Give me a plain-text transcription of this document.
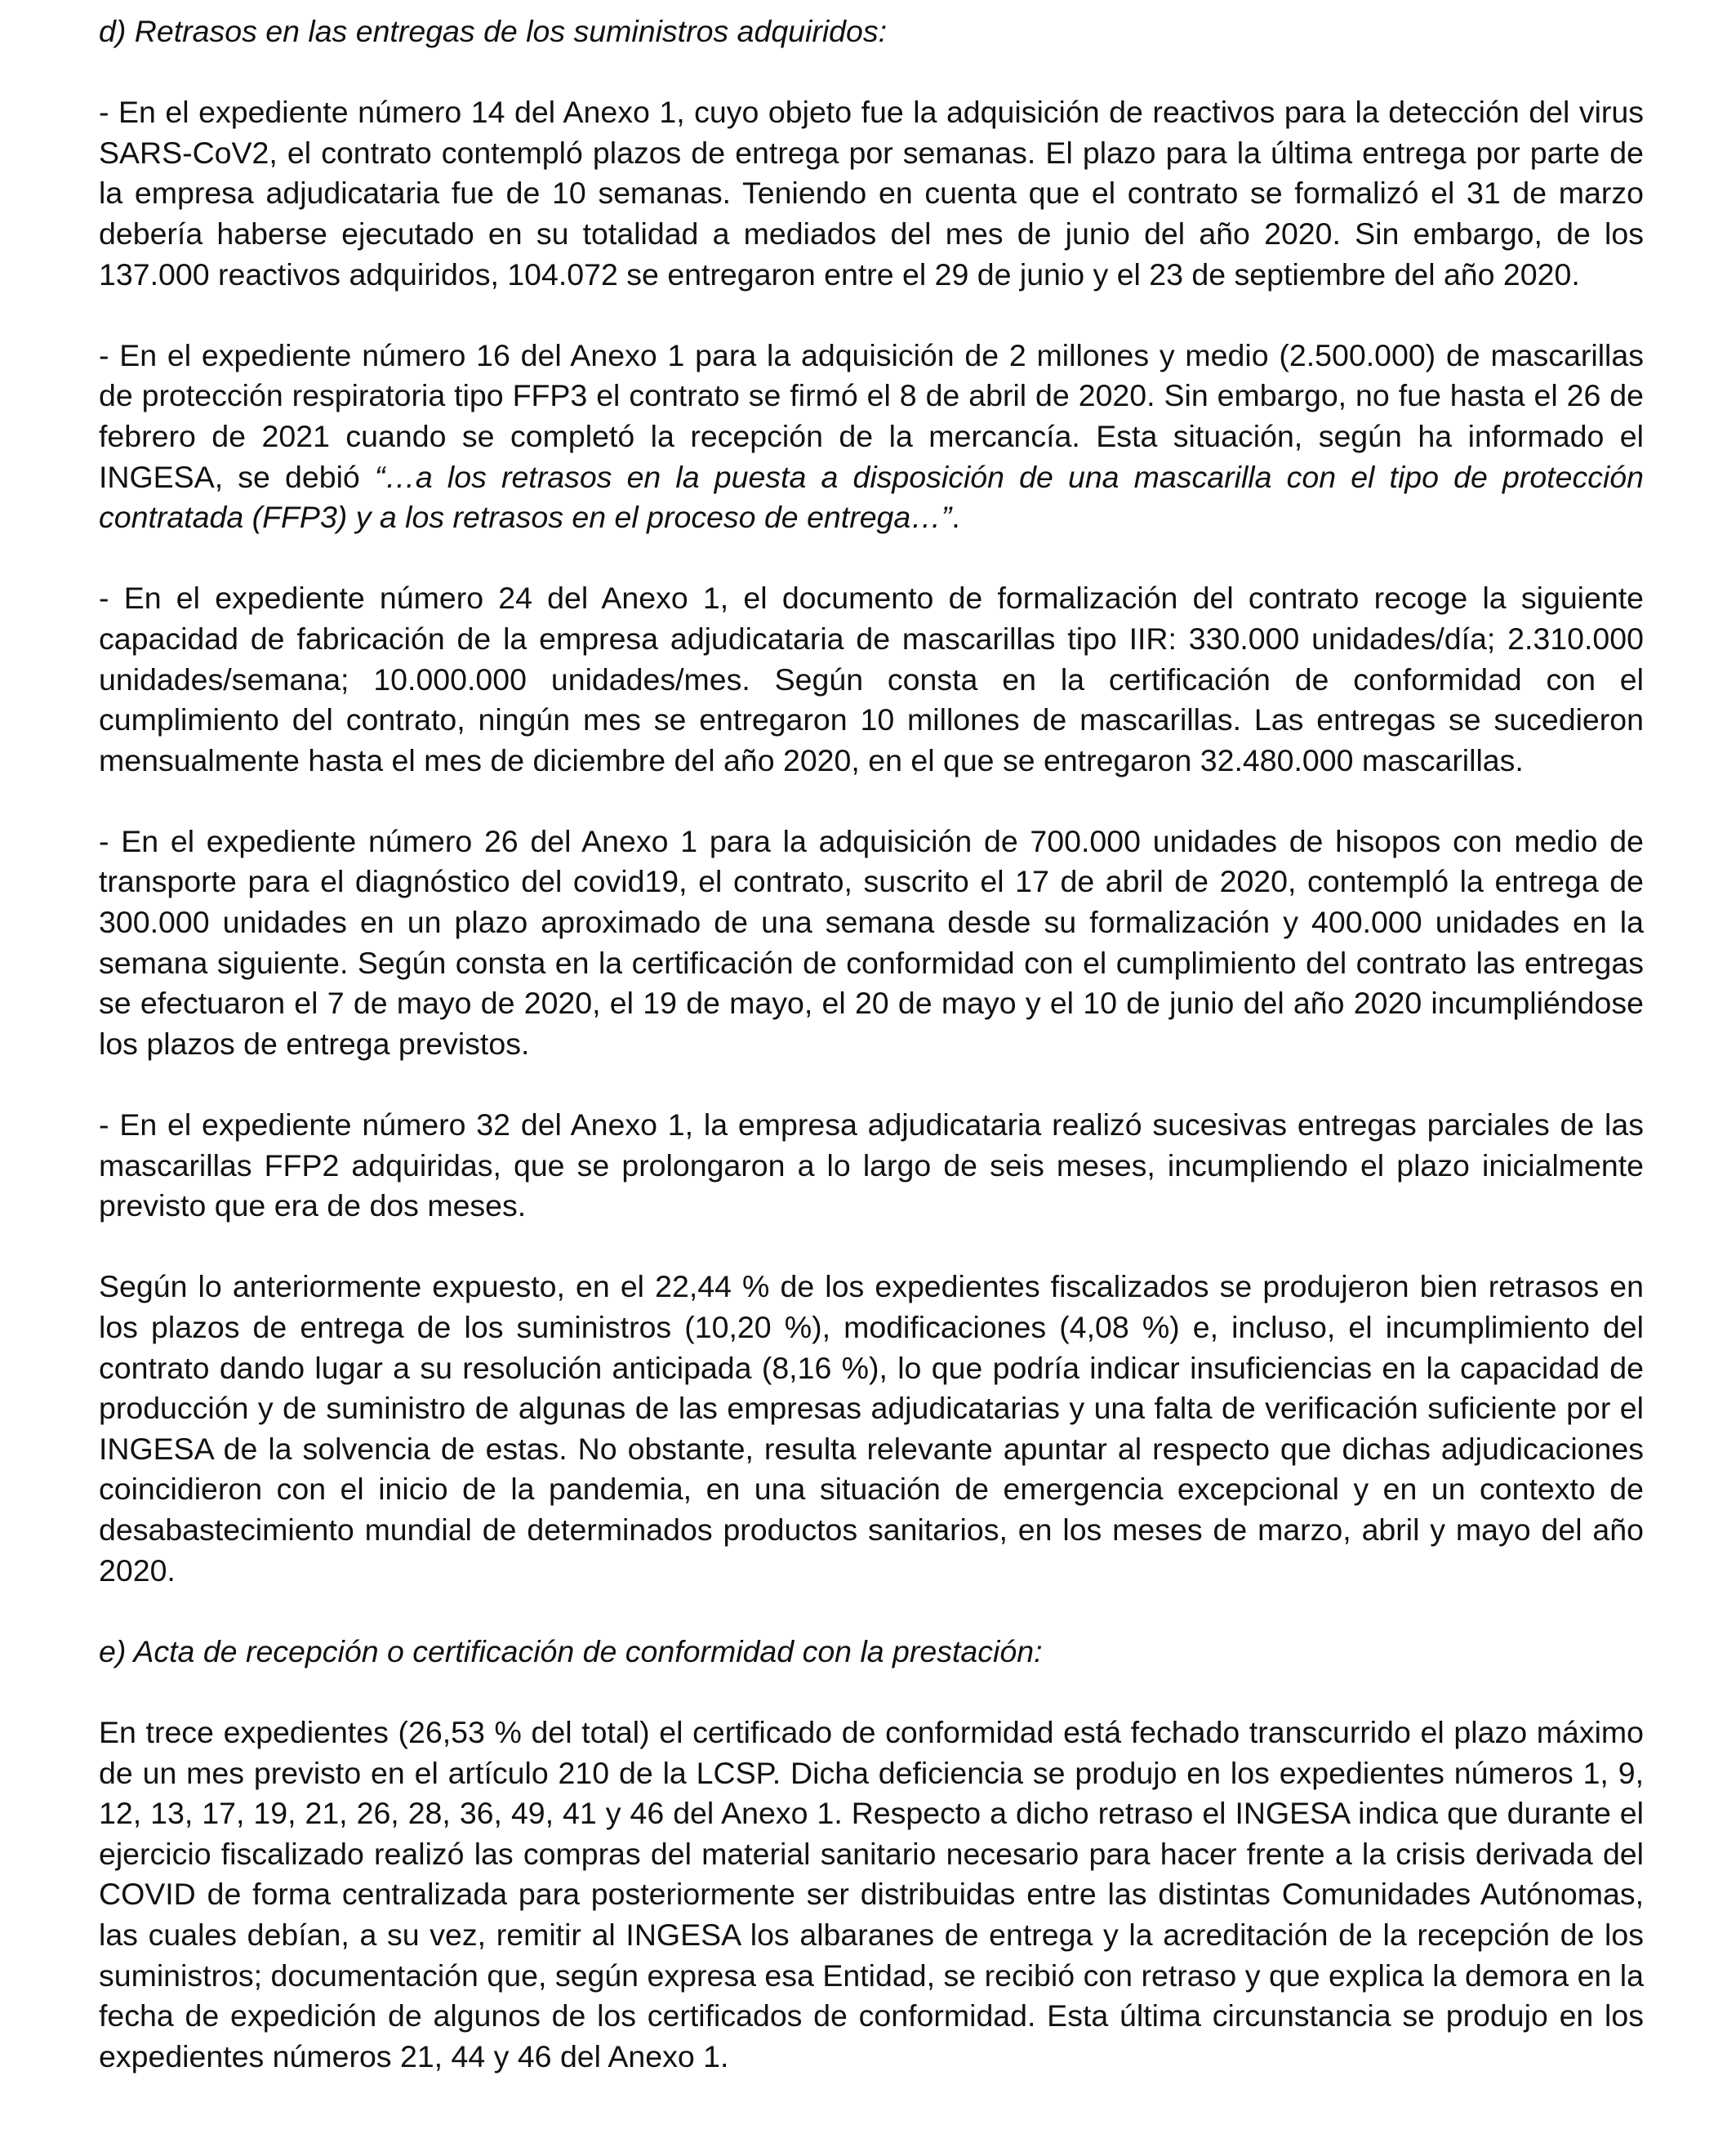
d) Retrasos en las entregas de los suministros adquiridos:

- En el expediente número 14 del Anexo 1, cuyo objeto fue la adquisición de reactivos para la detección del virus SARS-CoV2, el contrato contempló plazos de entrega por semanas. El plazo para la última entrega por parte de la empresa adjudicataria fue de 10 semanas. Teniendo en cuenta que el contrato se formalizó el 31 de marzo debería haberse ejecutado en su totalidad a mediados del mes de junio del año 2020. Sin embargo, de los 137.000 reactivos adquiridos, 104.072 se entregaron entre el 29 de junio y el 23 de septiembre del año 2020.

- En el expediente número 16 del Anexo 1 para la adquisición de 2 millones y medio (2.500.000) de mascarillas de protección respiratoria tipo FFP3 el contrato se firmó el 8 de abril de 2020. Sin embargo, no fue hasta el 26 de febrero de 2021 cuando se completó la recepción de la mercancía. Esta situación, según ha informado el INGESA, se debió “…a los retrasos en la puesta a disposición de una mascarilla con el tipo de protección contratada (FFP3) y a los retrasos en el proceso de entrega…”.

- En el expediente número 24 del Anexo 1, el documento de formalización del contrato recoge la siguiente capacidad de fabricación de la empresa adjudicataria de mascarillas tipo IIR: 330.000 unidades/día; 2.310.000 unidades/semana; 10.000.000 unidades/mes. Según consta en la certificación de conformidad con el cumplimiento del contrato, ningún mes se entregaron 10 millones de mascarillas. Las entregas se sucedieron mensualmente hasta el mes de diciembre del año 2020, en el que se entregaron 32.480.000 mascarillas.

- En el expediente número 26 del Anexo 1 para la adquisición de 700.000 unidades de hisopos con medio de transporte para el diagnóstico del covid19, el contrato, suscrito el 17 de abril de 2020, contempló la entrega de 300.000 unidades en un plazo aproximado de una semana desde su formalización y 400.000 unidades en la semana siguiente. Según consta en la certificación de conformidad con el cumplimiento del contrato las entregas se efectuaron el 7 de mayo de 2020, el 19 de mayo, el 20 de mayo y el 10 de junio del año 2020 incumpliéndose los plazos de entrega previstos.

- En el expediente número 32 del Anexo 1, la empresa adjudicataria realizó sucesivas entregas parciales de las mascarillas FFP2 adquiridas, que se prolongaron a lo largo de seis meses, incumpliendo el plazo inicialmente previsto que era de dos meses.

Según lo anteriormente expuesto, en el 22,44 % de los expedientes fiscalizados se produjeron bien retrasos en los plazos de entrega de los suministros (10,20 %), modificaciones (4,08 %) e, incluso, el incumplimiento del contrato dando lugar a su resolución anticipada (8,16 %), lo que podría indicar insuficiencias en la capacidad de producción y de suministro de algunas de las empresas adjudicatarias y una falta de verificación suficiente por el INGESA de la solvencia de estas. No obstante, resulta relevante apuntar al respecto que dichas adjudicaciones coincidieron con el inicio de la pandemia, en una situación de emergencia excepcional y en un contexto de desabastecimiento mundial de determinados productos sanitarios, en los meses de marzo, abril y mayo del año 2020.

e) Acta de recepción o certificación de conformidad con la prestación:

En trece expedientes (26,53 % del total) el certificado de conformidad está fechado transcurrido el plazo máximo de un mes previsto en el artículo 210 de la LCSP. Dicha deficiencia se produjo en los expedientes números 1, 9, 12, 13, 17, 19, 21, 26, 28, 36, 49, 41 y 46 del Anexo 1. Respecto a dicho retraso el INGESA indica que durante el ejercicio fiscalizado realizó las compras del material sanitario necesario para hacer frente a la crisis derivada del COVID de forma centralizada para posteriormente ser distribuidas entre las distintas Comunidades Autónomas, las cuales debían, a su vez, remitir al INGESA los albaranes de entrega y la acreditación de la recepción de los suministros; documentación que, según expresa esa Entidad, se recibió con retraso y que explica la demora en la fecha de expedición de algunos de los certificados de conformidad. Esta última circunstancia se produjo en los expedientes números 21, 44 y 46 del Anexo 1.
